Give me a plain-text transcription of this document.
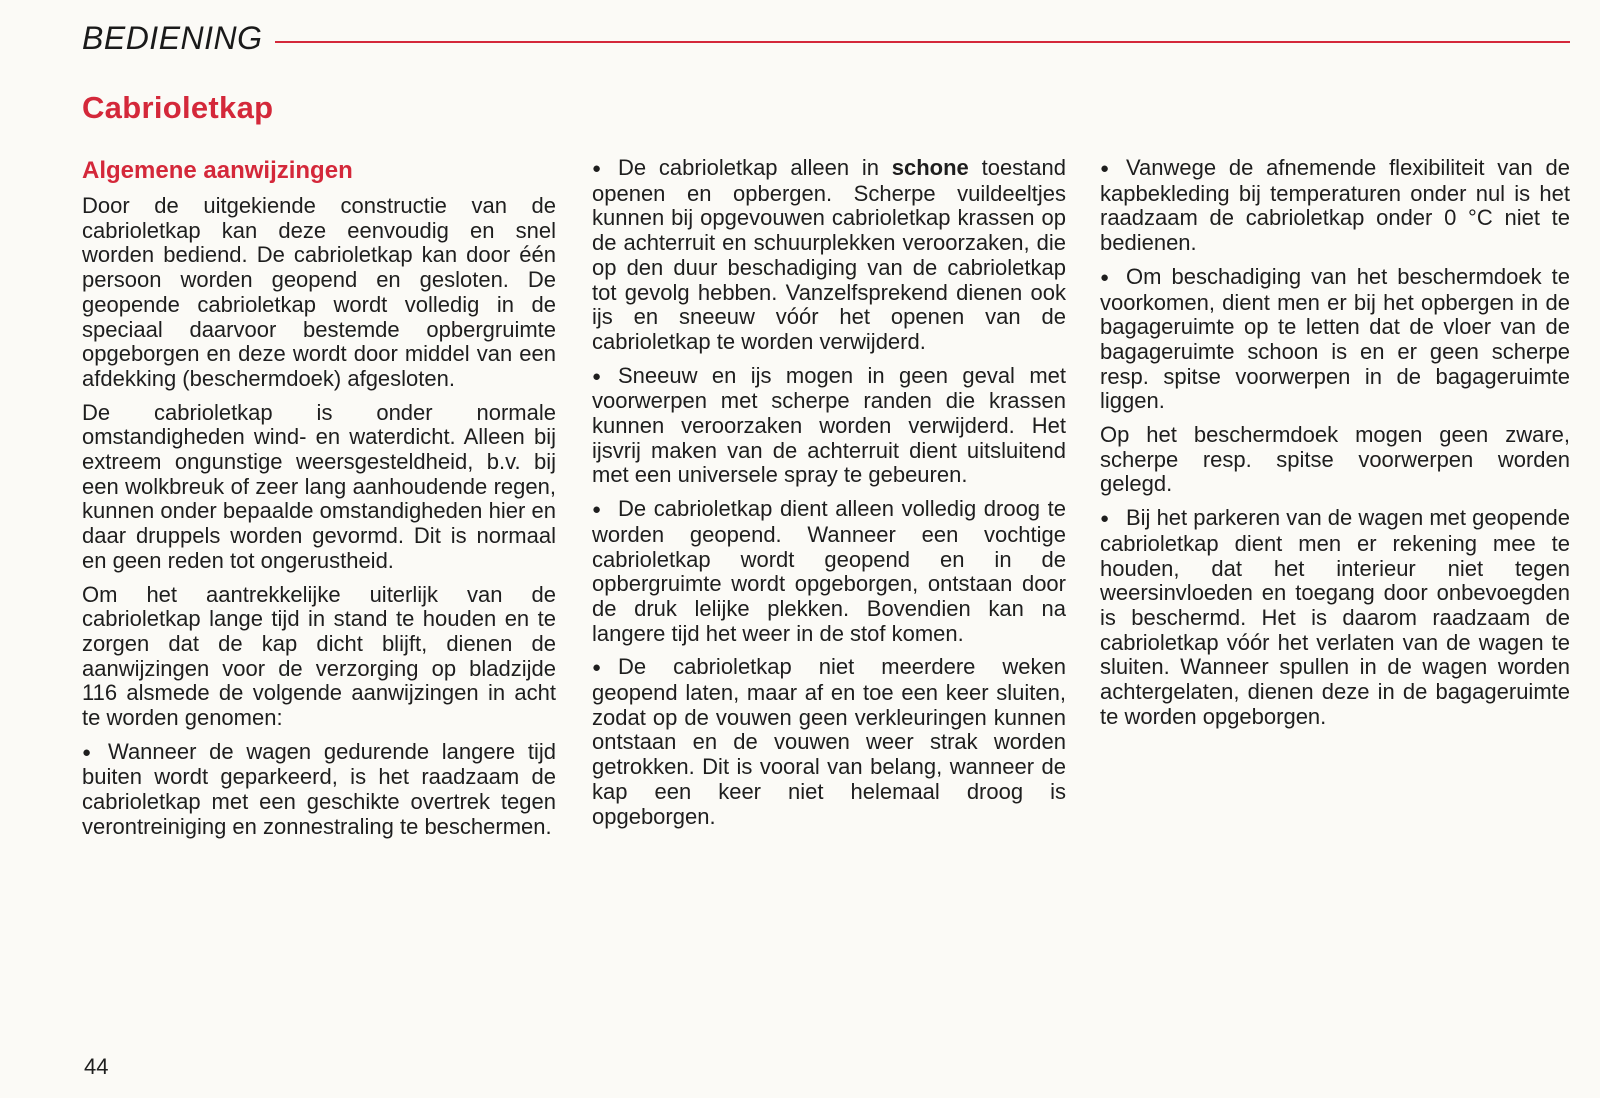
BEDIENING
Cabrioletkap
Algemene aanwijzingen

Door de uitgekiende constructie van de cabrioletkap kan deze eenvoudig en snel worden bediend. De cabrioletkap kan door één persoon worden geopend en gesloten. De geopende cabrioletkap wordt volledig in de speciaal daarvoor bestemde opbergruimte opgeborgen en deze wordt door middel van een afdekking (beschermdoek) afgesloten.

De cabrioletkap is onder normale omstandigheden wind- en waterdicht. Alleen bij extreem ongunstige weersgesteldheid, b.v. bij een wolkbreuk of zeer lang aanhoudende regen, kunnen onder bepaalde omstandigheden hier en daar druppels worden gevormd. Dit is normaal en geen reden tot ongerustheid.

Om het aantrekkelijke uiterlijk van de cabrioletkap lange tijd in stand te houden en te zorgen dat de kap dicht blijft, dienen de aanwijzingen voor de verzorging op bladzijde 116 alsmede de volgende aanwijzingen in acht te worden genomen:

● Wanneer de wagen gedurende langere tijd buiten wordt geparkeerd, is het raadzaam de cabrioletkap met een geschikte overtrek tegen verontreiniging en zonnestraling te beschermen.

● De cabrioletkap alleen in schone toestand openen en opbergen. Scherpe vuildeeltjes kunnen bij opgevouwen cabrioletkap krassen op de achterruit en schuurplekken veroorzaken, die op den duur beschadiging van de cabrioletkap tot gevolg hebben. Vanzelfsprekend dienen ook ijs en sneeuw vóór het openen van de cabrioletkap te worden verwijderd.

● Sneeuw en ijs mogen in geen geval met voorwerpen met scherpe randen die krassen kunnen veroorzaken worden verwijderd. Het ijsvrij maken van de achterruit dient uitsluitend met een universele spray te gebeuren.

● De cabrioletkap dient alleen volledig droog te worden geopend. Wanneer een vochtige cabrioletkap wordt geopend en in de opbergruimte wordt opgeborgen, ontstaan door de druk lelijke plekken. Bovendien kan na langere tijd het weer in de stof komen.

● De cabrioletkap niet meerdere weken geopend laten, maar af en toe een keer sluiten, zodat op de vouwen geen verkleuringen kunnen ontstaan en de vouwen weer strak worden getrokken. Dit is vooral van belang, wanneer de kap een keer niet helemaal droog is opgeborgen.

● Vanwege de afnemende flexibiliteit van de kapbekleding bij temperaturen onder nul is het raadzaam de cabrioletkap onder 0 °C niet te bedienen.

● Om beschadiging van het beschermdoek te voorkomen, dient men er bij het opbergen in de bagageruimte op te letten dat de vloer van de bagageruimte schoon is en er geen scherpe resp. spitse voorwerpen in de bagageruimte liggen.

Op het beschermdoek mogen geen zware, scherpe resp. spitse voorwerpen worden gelegd.

● Bij het parkeren van de wagen met geopende cabrioletkap dient men er rekening mee te houden, dat het interieur niet tegen weersinvloeden en toegang door onbevoegden is beschermd. Het is daarom raadzaam de cabrioletkap vóór het verlaten van de wagen te sluiten. Wanneer spullen in de wagen worden achtergelaten, dienen deze in de bagageruimte te worden opgeborgen.

44
